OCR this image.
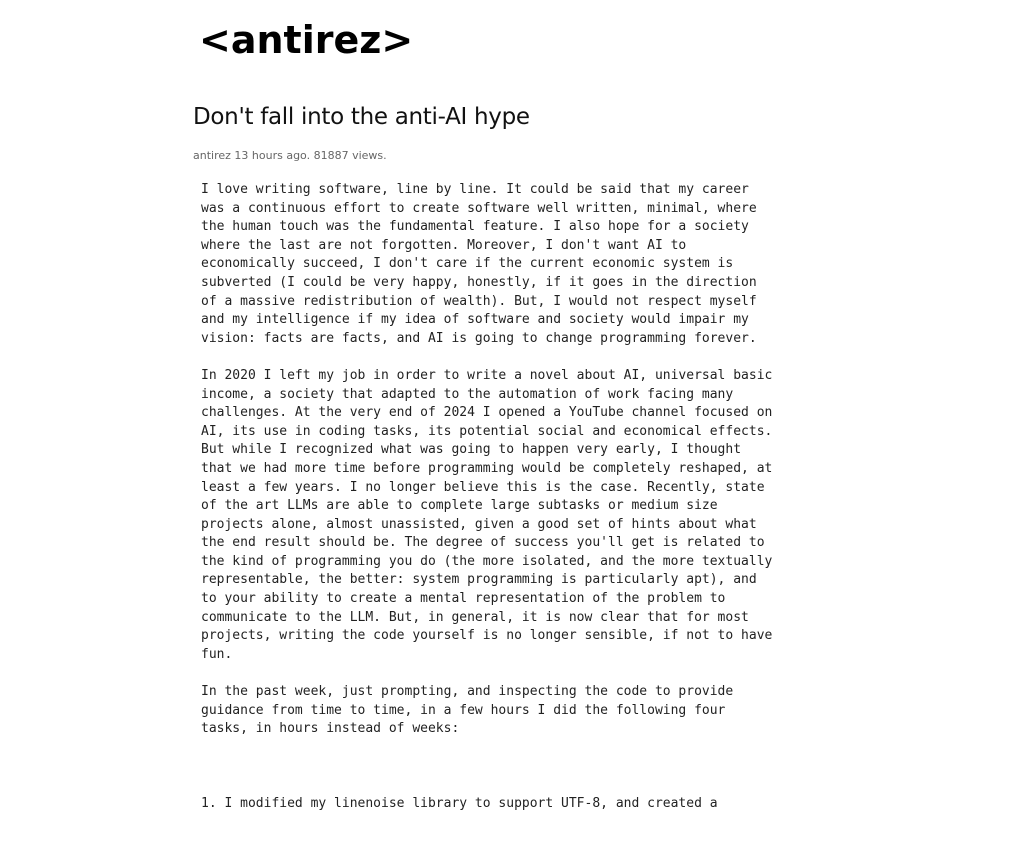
<antirez>
Don't fall into the anti-AI hype
antirez 13 hours ago. 81887 views.

I love writing software, line by line. It could be said that my career
was a continuous effort to create software well written, minimal, where
the human touch was the fundamental feature. I also hope for a society
where the last are not forgotten. Moreover, I don't want AI to
economically succeed, I don't care if the current economic system is
subverted (I could be very happy, honestly, if it goes in the direction
of a massive redistribution of wealth). But, I would not respect myself
and my intelligence if my idea of software and society would impair my
vision: facts are facts, and AI is going to change programming forever.

In 2020 I left my job in order to write a novel about AI, universal basic
income, a society that adapted to the automation of work facing many
challenges. At the very end of 2024 I opened a YouTube channel focused on
AI, its use in coding tasks, its potential social and economical effects.
But while I recognized what was going to happen very early, I thought
that we had more time before programming would be completely reshaped, at
least a few years. I no longer believe this is the case. Recently, state
of the art LLMs are able to complete large subtasks or medium size
projects alone, almost unassisted, given a good set of hints about what
the end result should be. The degree of success you'll get is related to
the kind of programming you do (the more isolated, and the more textually
representable, the better: system programming is particularly apt), and
to your ability to create a mental representation of the problem to
communicate to the LLM. But, in general, it is now clear that for most
projects, writing the code yourself is no longer sensible, if not to have
fun.

In the past week, just prompting, and inspecting the code to provide
guidance from time to time, in a few hours I did the following four
tasks, in hours instead of weeks:

1. I modified my linenoise library to support UTF-8, and created a
